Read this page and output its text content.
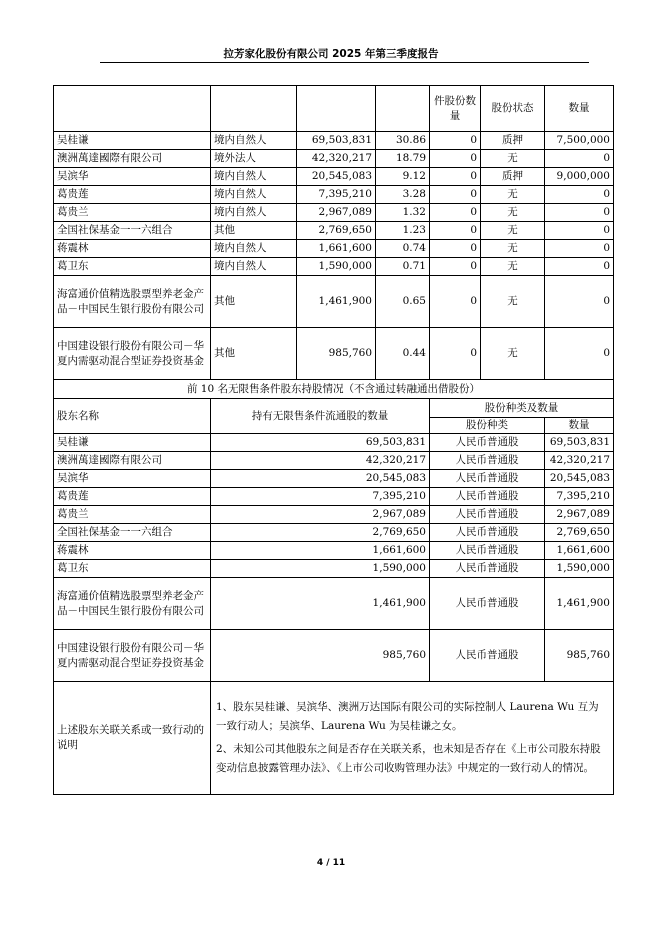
拉芳家化股份有限公司 2025 年第三季度报告
				件股份数量	股份状态	数量
吴桂谦	境内自然人	69,503,831	30.86	0	质押	7,500,000
澳洲萬達國際有限公司	境外法人	42,320,217	18.79	0	无	0
吴滨华	境内自然人	20,545,083	9.12	0	质押	9,000,000
葛贵莲	境内自然人	7,395,210	3.28	0	无	0
葛贵兰	境内自然人	2,967,089	1.32	0	无	0
全国社保基金一一六组合	其他	2,769,650	1.23	0	无	0
蒋震林	境内自然人	1,661,600	0.74	0	无	0
葛卫东	境内自然人	1,590,000	0.71	0	无	0
海富通价值精选股票型养老金产品－中国民生银行股份有限公司	其他	1,461,900	0.65	0	无	0
中国建设银行股份有限公司－华夏内需驱动混合型证券投资基金	其他	985,760	0.44	0	无	0
前 10 名无限售条件股东持股情况（不含通过转融通出借股份）						
股东名称	持有无限售条件流通股的数量			股份种类及数量		
				股份种类		数量
吴桂谦	69,503,831			人民币普通股		69,503,831
澳洲萬達國際有限公司	42,320,217			人民币普通股		42,320,217
吴滨华	20,545,083			人民币普通股		20,545,083
葛贵莲	7,395,210			人民币普通股		7,395,210
葛贵兰	2,967,089			人民币普通股		2,967,089
全国社保基金一一六组合	2,769,650			人民币普通股		2,769,650
蒋震林	1,661,600			人民币普通股		1,661,600
葛卫东	1,590,000			人民币普通股		1,590,000
海富通价值精选股票型养老金产品－中国民生银行股份有限公司	1,461,900			人民币普通股		1,461,900
中国建设银行股份有限公司－华夏内需驱动混合型证券投资基金	985,760			人民币普通股		985,760
上述股东关联关系或一致行动的说明	1、股东吴桂谦、吴滨华、澳洲万达国际有限公司的实际控制人 Laurena Wu 互为一致行动人；吴滨华、Laurena Wu 为吴桂谦之女。

2、未知公司其他股东之间是否存在关联关系，也未知是否存在《上市公司股东持股变动信息披露管理办法》、《上市公司收购管理办法》中规定的一致行动人的情况。					

4 / 11
